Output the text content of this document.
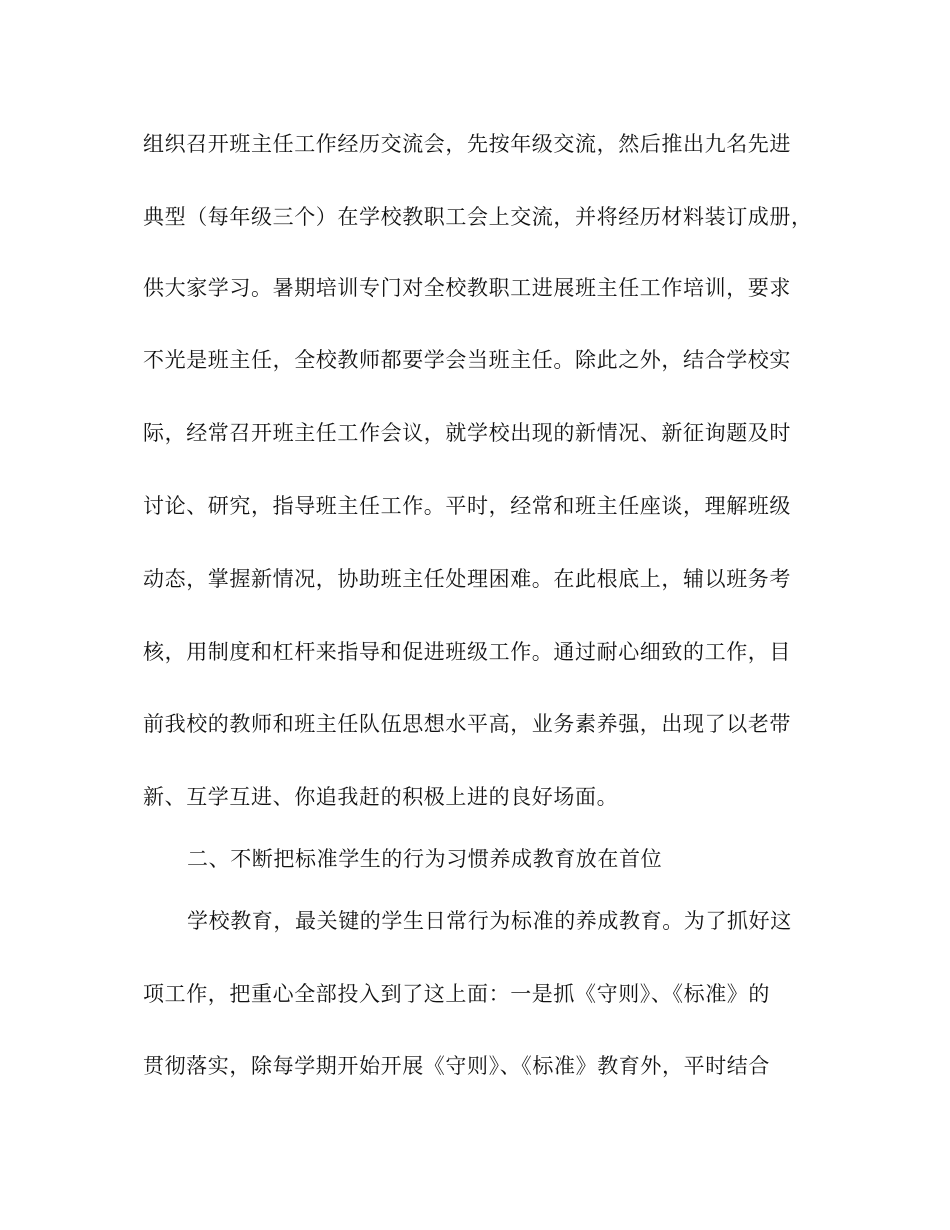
组织召开班主任工作经历交流会，先按年级交流，然后推出九名先进
典型（每年级三个）在学校教职工会上交流，并将经历材料装订成册，
供大家学习。暑期培训专门对全校教职工进展班主任工作培训，要求
不光是班主任，全校教师都要学会当班主任。除此之外，结合学校实
际，经常召开班主任工作会议，就学校出现的新情况、新征询题及时
讨论、研究，指导班主任工作。平时，经常和班主任座谈，理解班级
动态，掌握新情况，协助班主任处理困难。在此根底上，辅以班务考
核，用制度和杠杆来指导和促进班级工作。通过耐心细致的工作，目
前我校的教师和班主任队伍思想水平高，业务素养强，出现了以老带
新、互学互进、你追我赶的积极上进的良好场面。
二、不断把标准学生的行为习惯养成教育放在首位
学校教育，最关键的学生日常行为标准的养成教育。为了抓好这
项工作，把重心全部投入到了这上面：一是抓《守则》、《标准》的
贯彻落实，除每学期开始开展《守则》、《标准》教育外，平时结合
